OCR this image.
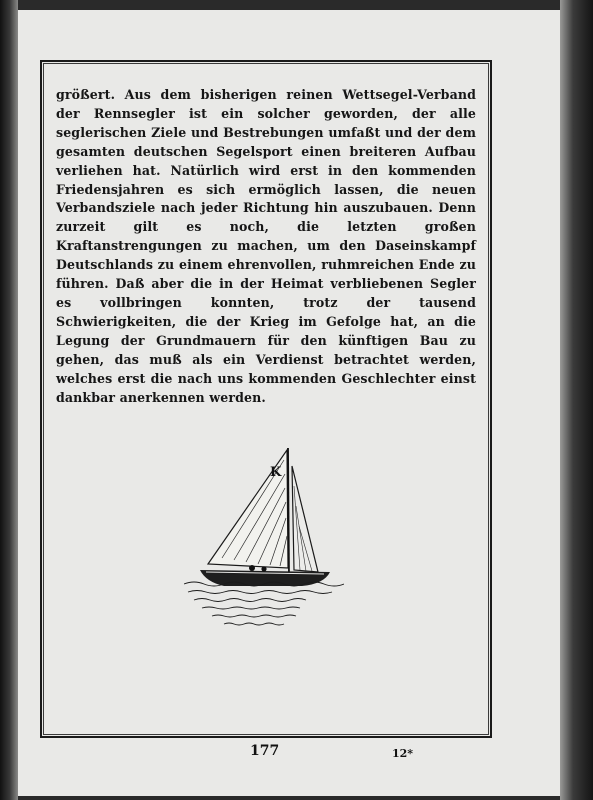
größert. Aus dem bisherigen reinen Wettsegel-Verband der Rennsegler ist ein solcher geworden, der alle seglerischen Ziele und Bestrebungen umfaßt und der dem gesamten deutschen Segelsport einen breiteren Aufbau verliehen hat. Natürlich wird erst in den kommenden Friedensjahren es sich ermöglich lassen, die neuen Verbandsziele nach jeder Richtung hin auszubauen. Denn zurzeit gilt es noch, die letzten großen Kraftanstrengungen zu machen, um den Daseinskampf Deutschlands zu einem ehrenvollen, ruhmreichen Ende zu führen. Daß aber die in der Heimat verbliebenen Segler es vollbringen konnten, trotz der tausend Schwierigkeiten, die der Krieg im Gefolge hat, an die Legung der Grundmauern für den künftigen Bau zu gehen, das muß als ein Verdienst betrachtet werden, welches erst die nach uns kommenden Geschlechter einst dankbar anerkennen werden.

K
177	12*
